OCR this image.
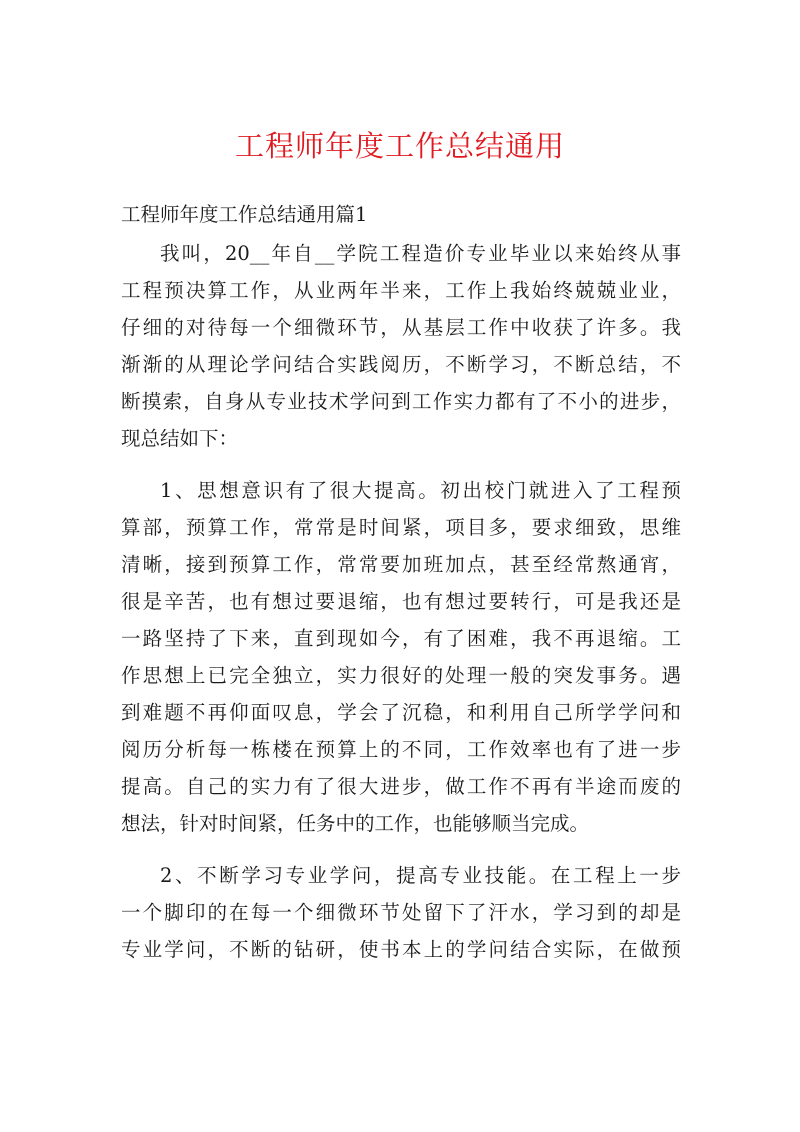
工程师年度工作总结通用

工程师年度工作总结通用篇1

我叫，20__年自__学院工程造价专业毕业以来始终从事
工程预决算工作，从业两年半来，工作上我始终兢兢业业，
仔细的对待每一个细微环节，从基层工作中收获了许多。我
渐渐的从理论学问结合实践阅历，不断学习，不断总结，不
断摸索，自身从专业技术学问到工作实力都有了不小的进步，
现总结如下：
1、思想意识有了很大提高。初出校门就进入了工程预
算部，预算工作，常常是时间紧，项目多，要求细致，思维
清晰，接到预算工作，常常要加班加点，甚至经常熬通宵，
很是辛苦，也有想过要退缩，也有想过要转行，可是我还是
一路坚持了下来，直到现如今，有了困难，我不再退缩。工
作思想上已完全独立，实力很好的处理一般的突发事务。遇
到难题不再仰面叹息，学会了沉稳，和利用自己所学学问和
阅历分析每一栋楼在预算上的不同，工作效率也有了进一步
提高。自己的实力有了很大进步，做工作不再有半途而废的
想法，针对时间紧，任务中的工作，也能够顺当完成。
2、不断学习专业学问，提高专业技能。在工程上一步
一个脚印的在每一个细微环节处留下了汗水，学习到的却是
专业学问，不断的钻研，使书本上的学问结合实际，在做预
